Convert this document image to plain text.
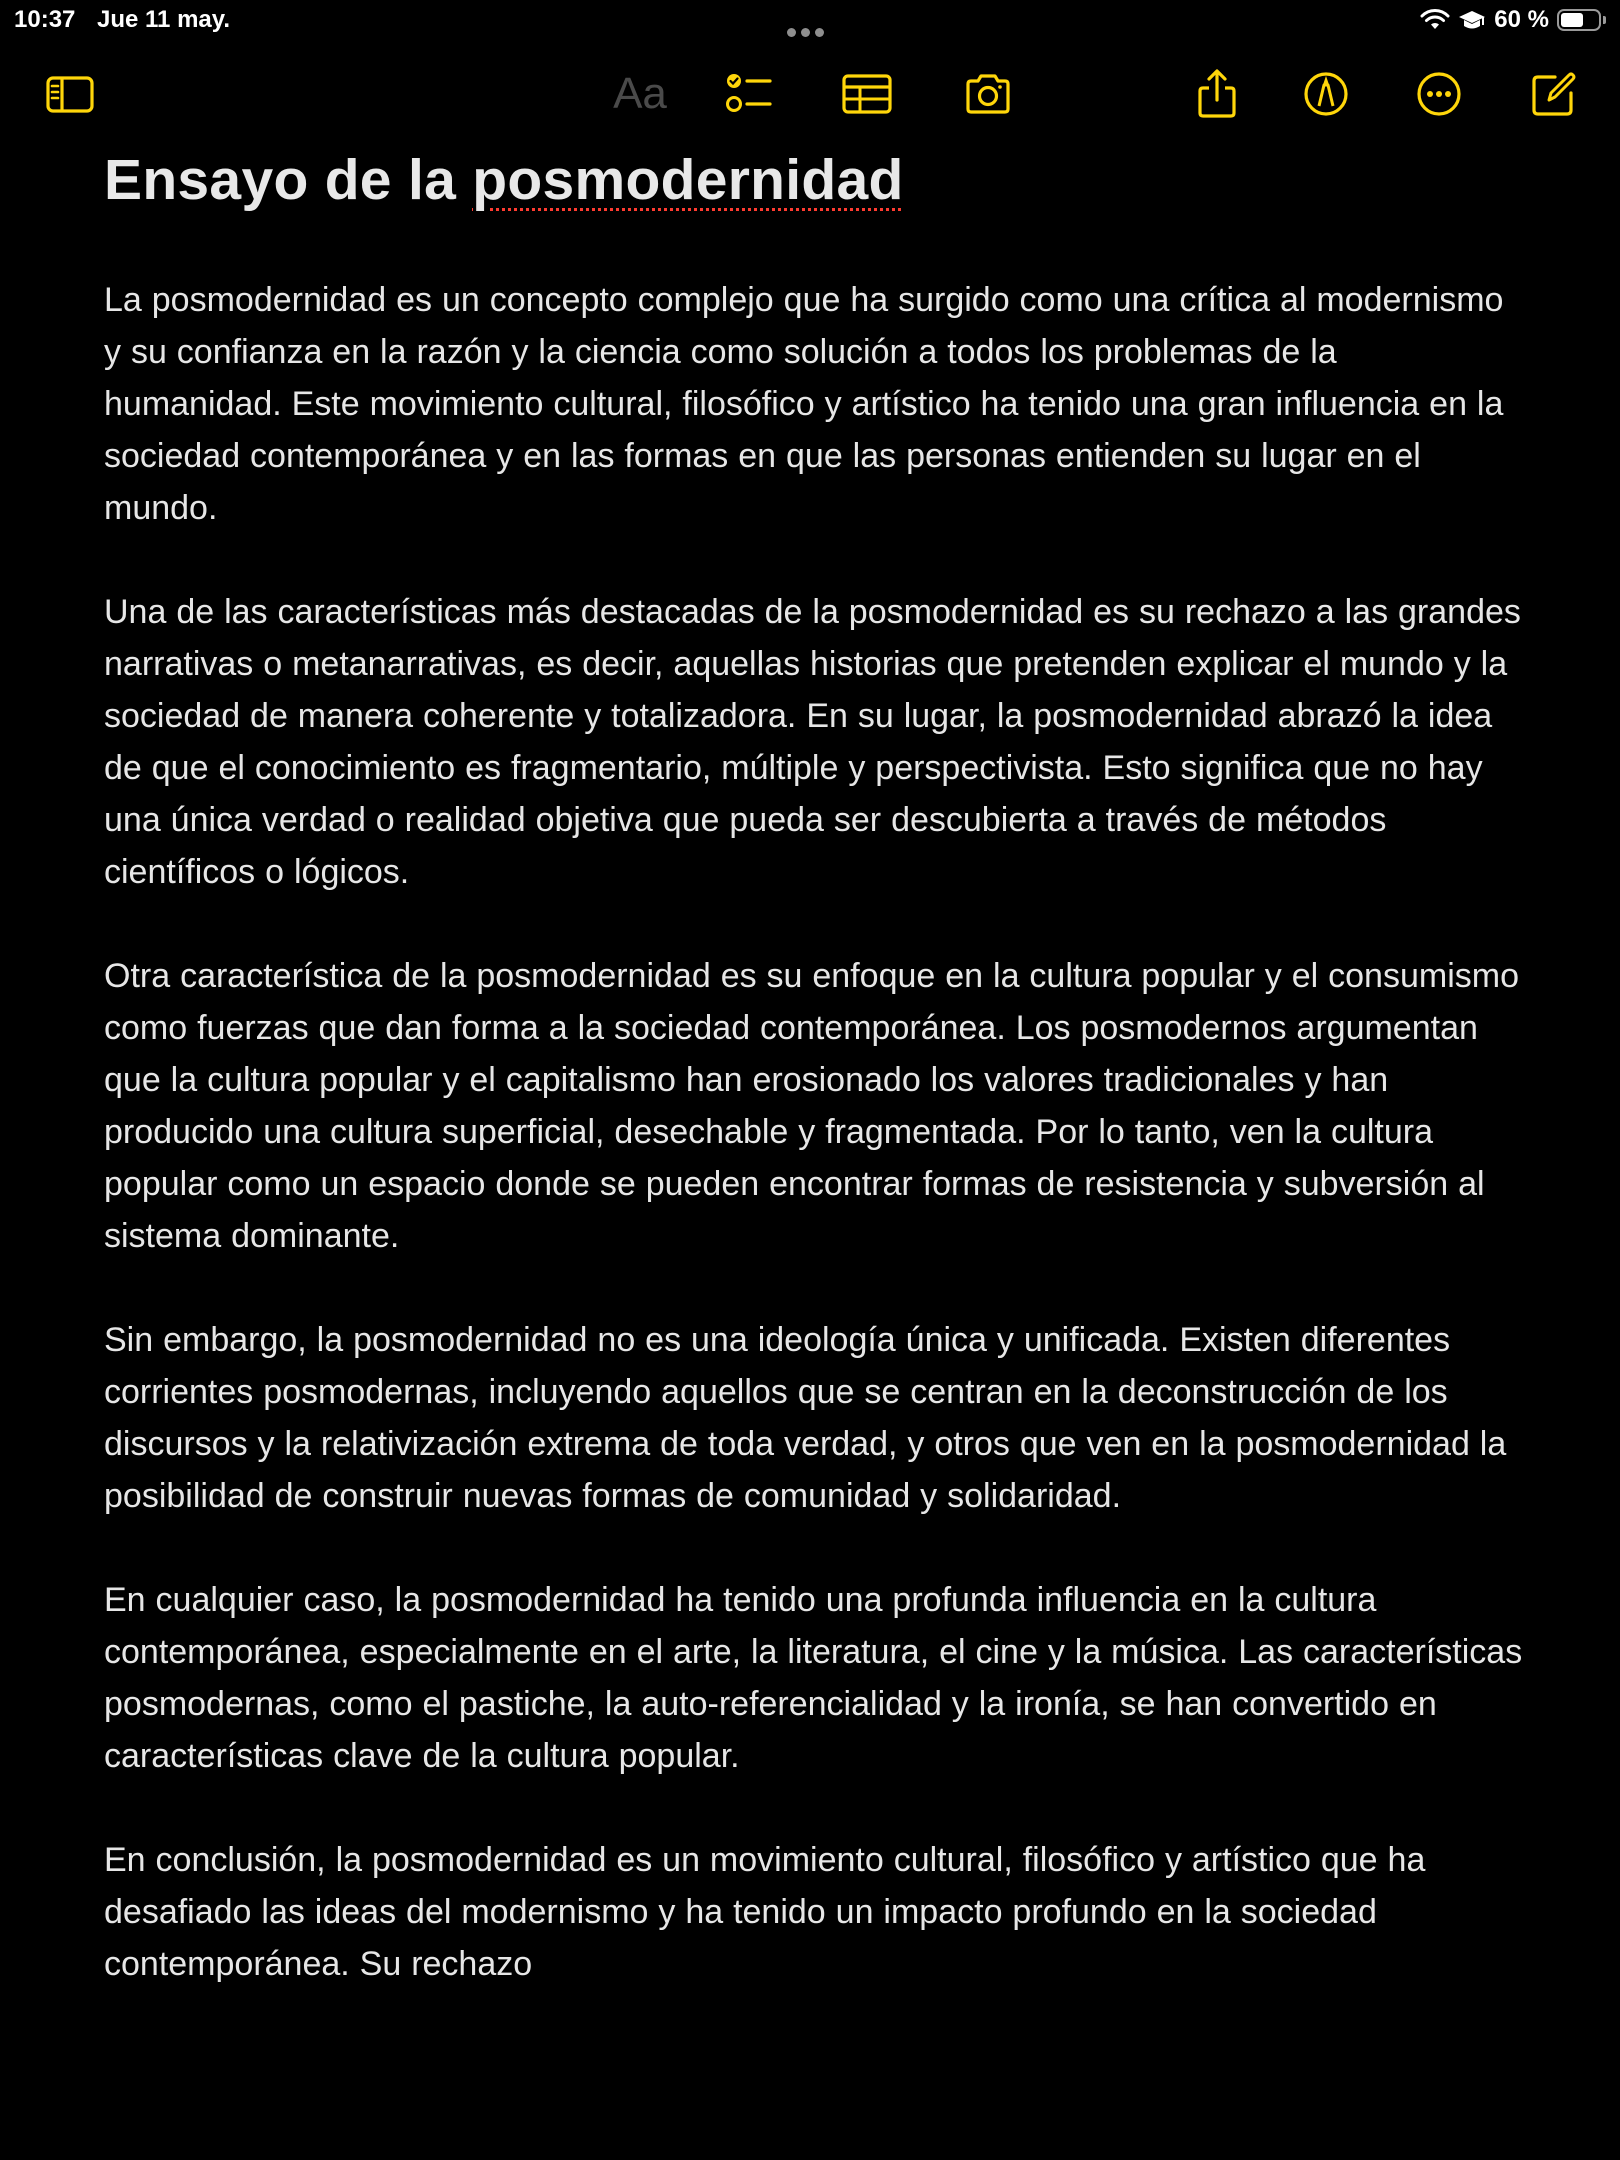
10:37 Jue 11 may.	60 %
Aa
Ensayo de la posmodernidad

La posmodernidad es un concepto complejo que ha surgido como una crítica al modernismo y su confianza en la razón y la ciencia como solución a todos los problemas de la humanidad. Este movimiento cultural, filosófico y artístico ha tenido una gran influencia en la sociedad contemporánea y en las formas en que las personas entienden su lugar en el mundo.

Una de las características más destacadas de la posmodernidad es su rechazo a las grandes narrativas o metanarrativas, es decir, aquellas historias que pretenden explicar el mundo y la sociedad de manera coherente y totalizadora. En su lugar, la posmodernidad abrazó la idea de que el conocimiento es fragmentario, múltiple y perspectivista. Esto significa que no hay una única verdad o realidad objetiva que pueda ser descubierta a través de métodos científicos o lógicos.

Otra característica de la posmodernidad es su enfoque en la cultura popular y el consumismo como fuerzas que dan forma a la sociedad contemporánea. Los posmodernos argumentan que la cultura popular y el capitalismo han erosionado los valores tradicionales y han producido una cultura superficial, desechable y fragmentada. Por lo tanto, ven la cultura popular como un espacio donde se pueden encontrar formas de resistencia y subversión al sistema dominante.

Sin embargo, la posmodernidad no es una ideología única y unificada. Existen diferentes corrientes posmodernas, incluyendo aquellos que se centran en la deconstrucción de los discursos y la relativización extrema de toda verdad, y otros que ven en la posmodernidad la posibilidad de construir nuevas formas de comunidad y solidaridad.

En cualquier caso, la posmodernidad ha tenido una profunda influencia en la cultura contemporánea, especialmente en el arte, la literatura, el cine y la música. Las características posmodernas, como el pastiche, la auto-referencialidad y la ironía, se han convertido en características clave de la cultura popular.

En conclusión, la posmodernidad es un movimiento cultural, filosófico y artístico que ha desafiado las ideas del modernismo y ha tenido un impacto profundo en la sociedad contemporánea. Su rechazo
